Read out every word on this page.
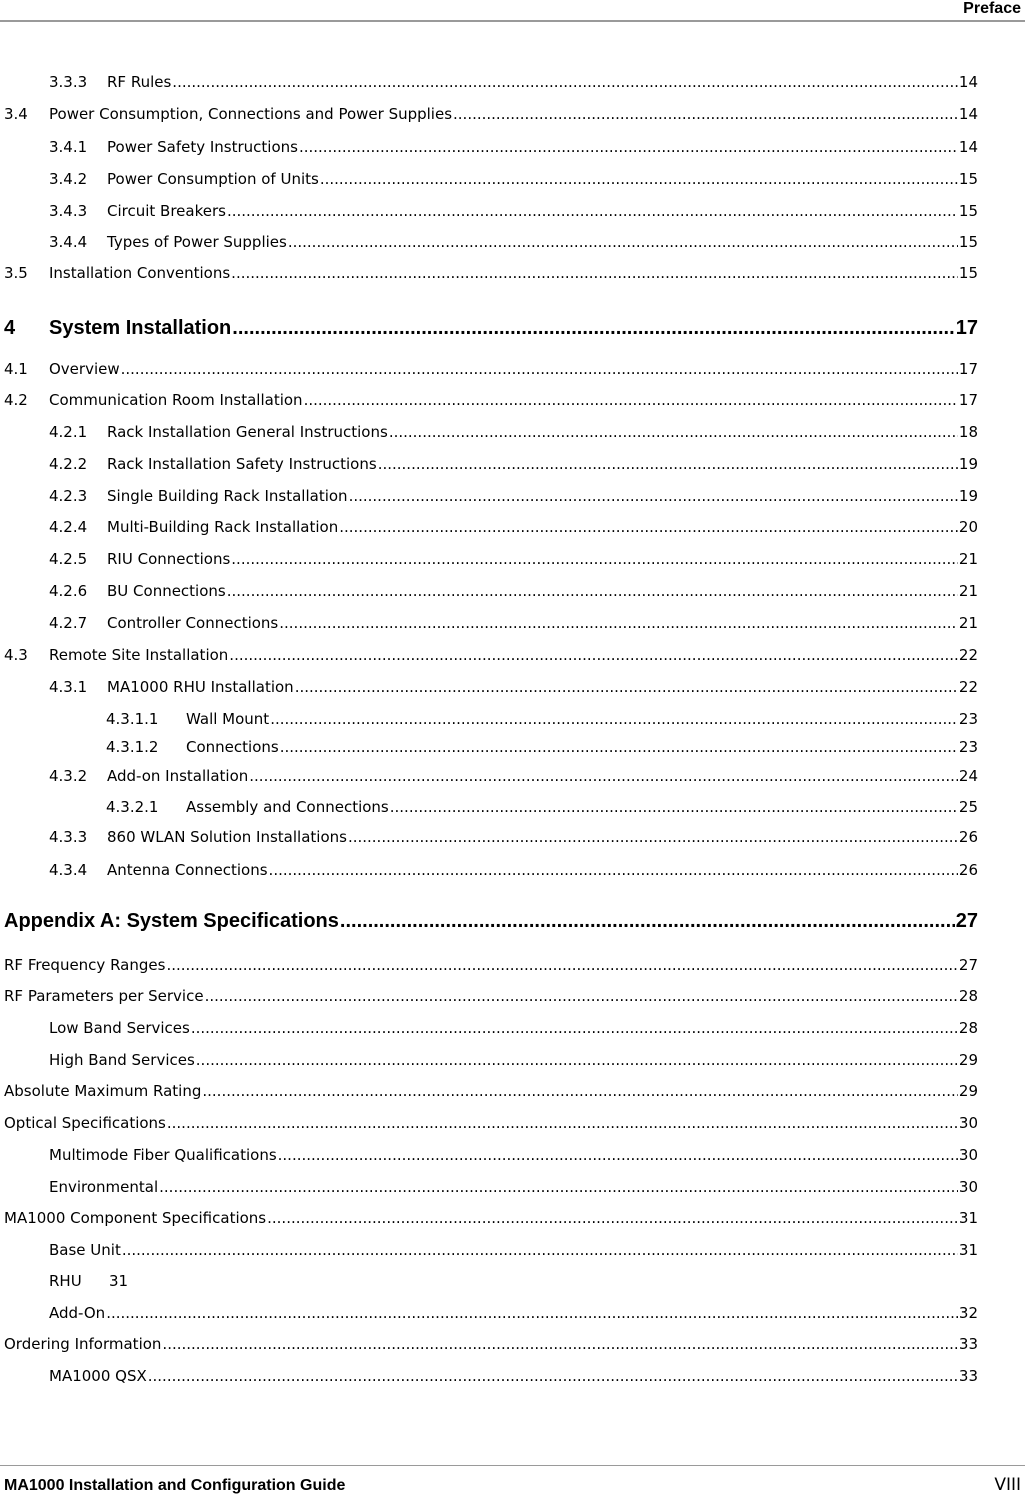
Preface
3.3.3	RF Rules .....	14
3.4	Power Consumption, Connections and Power Supplies .....	14
3.4.1	Power Safety Instructions .....	14
3.4.2	Power Consumption of Units .....	15
3.4.3	Circuit Breakers .....	15
3.4.4	Types of Power Supplies .....	15
3.5	Installation Conventions .....	15
4	System Installation .....	17
4.1	Overview .....	17
4.2	Communication Room Installation .....	17
4.2.1	Rack Installation General Instructions .....	18
4.2.2	Rack Installation Safety Instructions .....	19
4.2.3	Single Building Rack Installation .....	19
4.2.4	Multi-Building Rack Installation .....	20
4.2.5	RIU Connections .....	21
4.2.6	BU Connections .....	21
4.2.7	Controller Connections .....	21
4.3	Remote Site Installation .....	22
4.3.1	MA1000 RHU Installation .....	22
4.3.1.1	Wall Mount .....	23
4.3.1.2	Connections .....	23
4.3.2	Add-on Installation .....	24
4.3.2.1	Assembly and Connections .....	25
4.3.3	860 WLAN Solution Installations .....	26
4.3.4	Antenna Connections .....	26
Appendix A: System Specifications .....	27
RF Frequency Ranges .....	27
RF Parameters per Service .....	28
Low Band Services .....	28
High Band Services .....	29
Absolute Maximum Rating .....	29
Optical Specifications .....	30
Multimode Fiber Qualifications .....	30
Environmental .....	30
MA1000 Component Specifications .....	31
Base Unit .....	31
RHU	31
Add-On .....	32
Ordering Information .....	33
MA1000 QSX .....	33
MA1000 Installation and Configuration Guide	VIII
